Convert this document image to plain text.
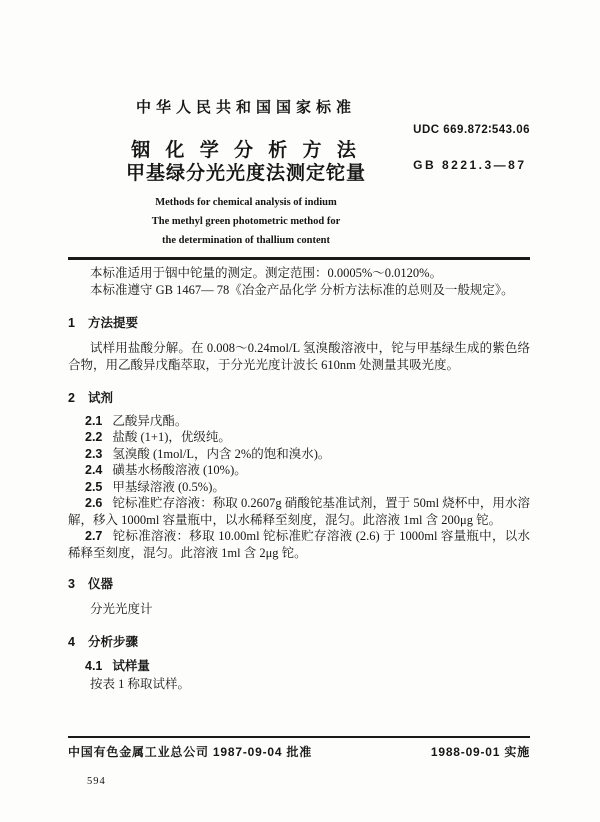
中华人民共和国国家标准
铟 化 学 分 析 方 法
甲基绿分光光度法测定铊量
Methods for chemical analysis of indium
The methyl green photometric method for
the determination of thallium content
UDC 669.872∶543.06
GB 8221.3—87

本标准适用于铟中铊量的测定。测定范围：0.0005%～0.0120%。

本标准遵守 GB 1467— 78《冶金产品化学 分析方法标准的总则及一般规定》。

1 方法提要

试样用盐酸分解。在 0.008～0.24mol/L 氢溴酸溶液中，铊与甲基绿生成的紫色络合物，用乙酸异戊酯萃取，于分光光度计波长 610nm 处测量其吸光度。

2 试剂

2.1 乙酸异戊酯。

2.2 盐酸 (1+1)，优级纯。

2.3 氢溴酸 (1mol/L，内含 2%的饱和溴水)。

2.4 磺基水杨酸溶液 (10%)。

2.5 甲基绿溶液 (0.5%)。

2.6 铊标准贮存溶液：称取 0.2607g 硝酸铊基准试剂，置于 50ml 烧杯中，用水溶解，移入 1000ml 容量瓶中，以水稀释至刻度，混匀。此溶液 1ml 含 200μg 铊。

2.7 铊标准溶液：移取 10.00ml 铊标准贮存溶液 (2.6) 于 1000ml 容量瓶中，以水稀释至刻度，混匀。此溶液 1ml 含 2μg 铊。

3 仪器

分光光度计

4 分析步骤

4.1 试样量

按表 1 称取试样。

中国有色金属工业总公司 1987-09-04 批准	1988-09-01 实施
594
